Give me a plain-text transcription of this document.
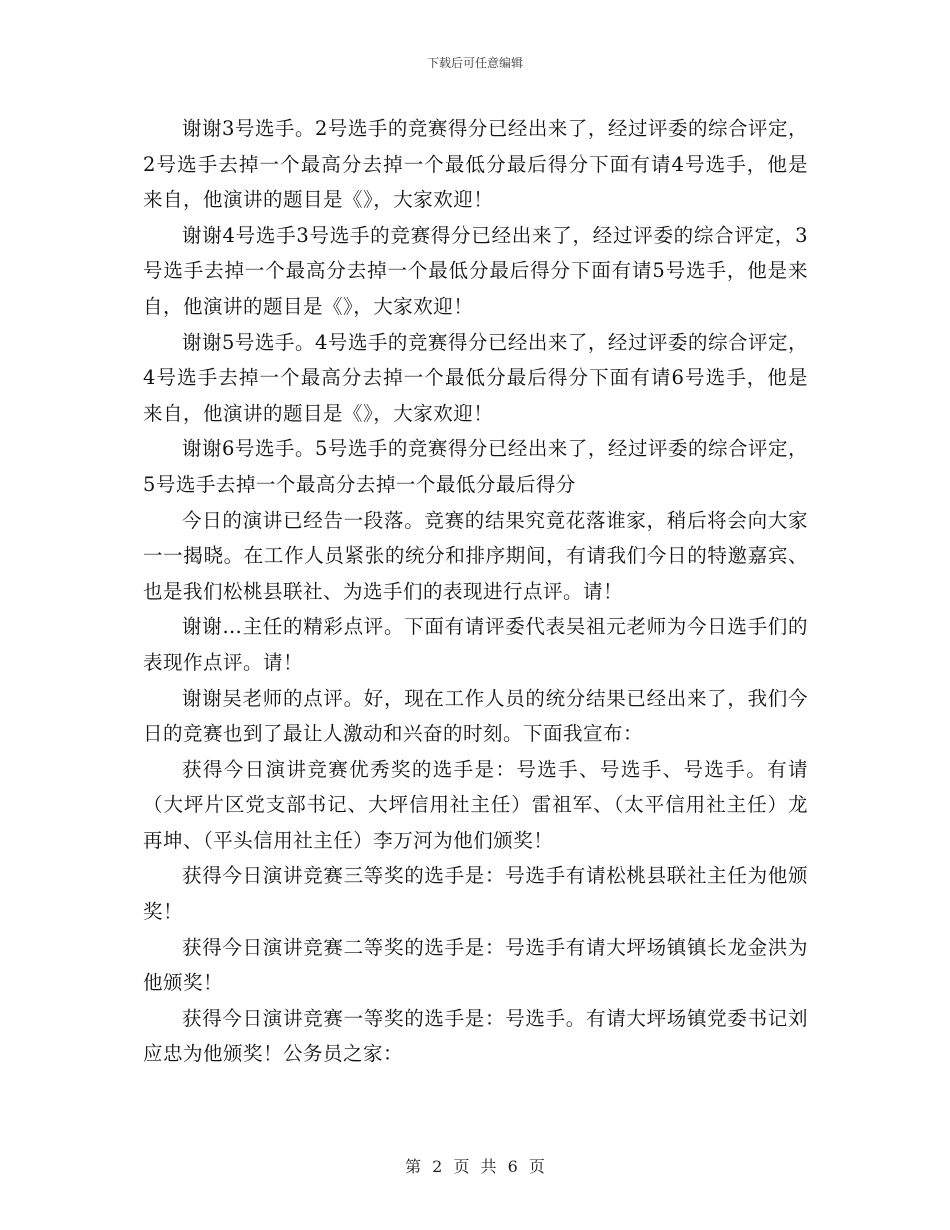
下载后可任意编辑

谢谢3号选手。2号选手的竞赛得分已经出来了，经过评委的综合评定，2号选手去掉一个最高分去掉一个最低分最后得分下面有请4号选手，他是来自，他演讲的题目是《》，大家欢迎！

谢谢4号选手3号选手的竞赛得分已经出来了，经过评委的综合评定，3号选手去掉一个最高分去掉一个最低分最后得分下面有请5号选手，他是来自，他演讲的题目是《》，大家欢迎！

谢谢5号选手。4号选手的竞赛得分已经出来了，经过评委的综合评定，4号选手去掉一个最高分去掉一个最低分最后得分下面有请6号选手，他是来自，他演讲的题目是《》，大家欢迎！

谢谢6号选手。5号选手的竞赛得分已经出来了，经过评委的综合评定，5号选手去掉一个最高分去掉一个最低分最后得分

今日的演讲已经告一段落。竞赛的结果究竟花落谁家，稍后将会向大家一一揭晓。在工作人员紧张的统分和排序期间，有请我们今日的特邀嘉宾、也是我们松桃县联社、为选手们的表现进行点评。请！

谢谢…主任的精彩点评。下面有请评委代表吴祖元老师为今日选手们的表现作点评。请！

谢谢吴老师的点评。好，现在工作人员的统分结果已经出来了，我们今日的竞赛也到了最让人激动和兴奋的时刻。下面我宣布：

获得今日演讲竞赛优秀奖的选手是：号选手、号选手、号选手。有请（大坪片区党支部书记、大坪信用社主任）雷祖军、（太平信用社主任）龙再坤、（平头信用社主任）李万河为他们颁奖！

获得今日演讲竞赛三等奖的选手是：号选手有请松桃县联社主任为他颁奖！

获得今日演讲竞赛二等奖的选手是：号选手有请大坪场镇镇长龙金洪为他颁奖！

获得今日演讲竞赛一等奖的选手是：号选手。有请大坪场镇党委书记刘应忠为他颁奖！公务员之家：

第 2 页 共 6 页
